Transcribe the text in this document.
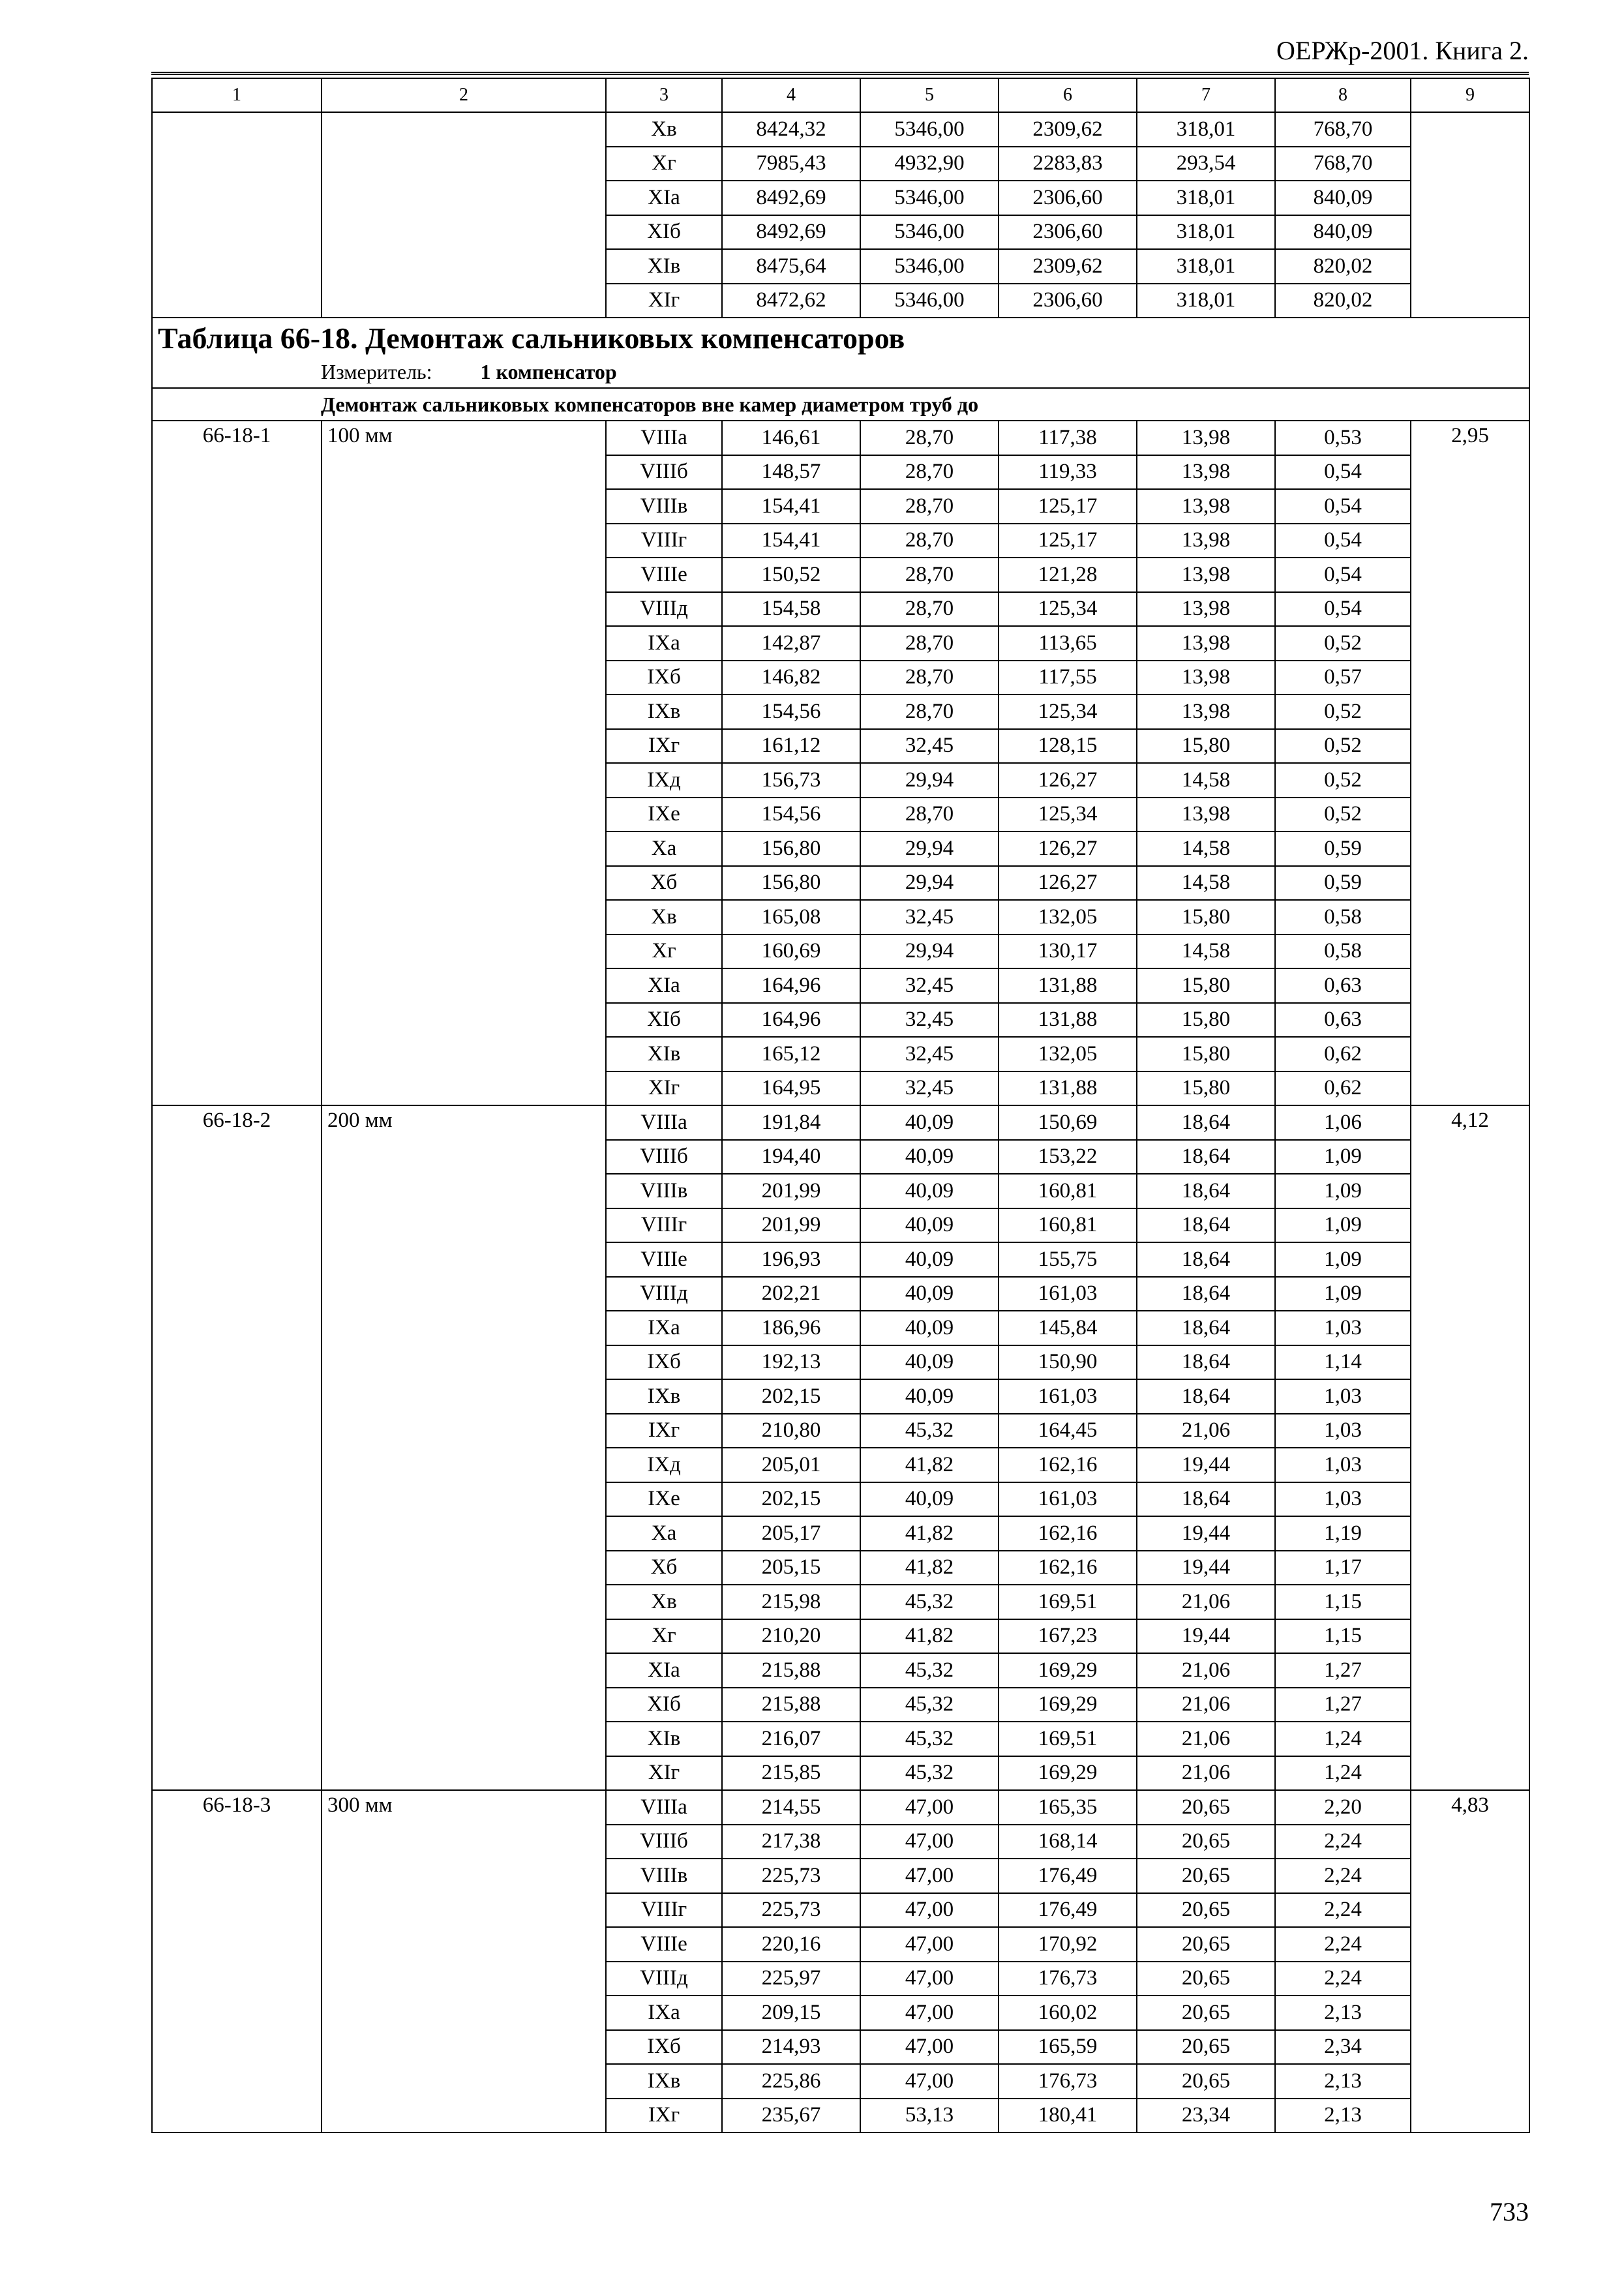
ОЕРЖр-2001. Книга 2.
1	2	3	4	5	6	7	8	9
		Xв	8424,32	5346,00	2309,62	318,01	768,70	
		Xг	7985,43	4932,90	2283,83	293,54	768,70	
		XIa	8492,69	5346,00	2306,60	318,01	840,09	
		XIб	8492,69	5346,00	2306,60	318,01	840,09	
		XIв	8475,64	5346,00	2309,62	318,01	820,02	
		XIг	8472,62	5346,00	2306,60	318,01	820,02	
Таблица 66-18. Демонтаж сальниковых компенсаторов								
Измеритель: 1 компенсатор								
Демонтаж сальниковых компенсаторов вне камер диаметром труб до								
66-18-1	100 мм	VIIIa	146,61	28,70	117,38	13,98	0,53	2,95
		VIIIб	148,57	28,70	119,33	13,98	0,54	
		VIIIв	154,41	28,70	125,17	13,98	0,54	
		VIIIг	154,41	28,70	125,17	13,98	0,54	
		VIIIe	150,52	28,70	121,28	13,98	0,54	
		VIIIд	154,58	28,70	125,34	13,98	0,54	
		IXa	142,87	28,70	113,65	13,98	0,52	
		IXб	146,82	28,70	117,55	13,98	0,57	
		IXв	154,56	28,70	125,34	13,98	0,52	
		IXг	161,12	32,45	128,15	15,80	0,52	
		IXд	156,73	29,94	126,27	14,58	0,52	
		IXe	154,56	28,70	125,34	13,98	0,52	
		Xa	156,80	29,94	126,27	14,58	0,59	
		Xб	156,80	29,94	126,27	14,58	0,59	
		Xв	165,08	32,45	132,05	15,80	0,58	
		Xг	160,69	29,94	130,17	14,58	0,58	
		XIa	164,96	32,45	131,88	15,80	0,63	
		XIб	164,96	32,45	131,88	15,80	0,63	
		XIв	165,12	32,45	132,05	15,80	0,62	
		XIг	164,95	32,45	131,88	15,80	0,62	
66-18-2	200 мм	VIIIa	191,84	40,09	150,69	18,64	1,06	4,12
		VIIIб	194,40	40,09	153,22	18,64	1,09	
		VIIIв	201,99	40,09	160,81	18,64	1,09	
		VIIIг	201,99	40,09	160,81	18,64	1,09	
		VIIIe	196,93	40,09	155,75	18,64	1,09	
		VIIIд	202,21	40,09	161,03	18,64	1,09	
		IXa	186,96	40,09	145,84	18,64	1,03	
		IXб	192,13	40,09	150,90	18,64	1,14	
		IXв	202,15	40,09	161,03	18,64	1,03	
		IXг	210,80	45,32	164,45	21,06	1,03	
		IXд	205,01	41,82	162,16	19,44	1,03	
		IXe	202,15	40,09	161,03	18,64	1,03	
		Xa	205,17	41,82	162,16	19,44	1,19	
		Xб	205,15	41,82	162,16	19,44	1,17	
		Xв	215,98	45,32	169,51	21,06	1,15	
		Xг	210,20	41,82	167,23	19,44	1,15	
		XIa	215,88	45,32	169,29	21,06	1,27	
		XIб	215,88	45,32	169,29	21,06	1,27	
		XIв	216,07	45,32	169,51	21,06	1,24	
		XIг	215,85	45,32	169,29	21,06	1,24	
66-18-3	300 мм	VIIIa	214,55	47,00	165,35	20,65	2,20	4,83
		VIIIб	217,38	47,00	168,14	20,65	2,24	
		VIIIв	225,73	47,00	176,49	20,65	2,24	
		VIIIг	225,73	47,00	176,49	20,65	2,24	
		VIIIe	220,16	47,00	170,92	20,65	2,24	
		VIIIд	225,97	47,00	176,73	20,65	2,24	
		IXa	209,15	47,00	160,02	20,65	2,13	
		IXб	214,93	47,00	165,59	20,65	2,34	
		IXв	225,86	47,00	176,73	20,65	2,13	
		IXг	235,67	53,13	180,41	23,34	2,13	
733
